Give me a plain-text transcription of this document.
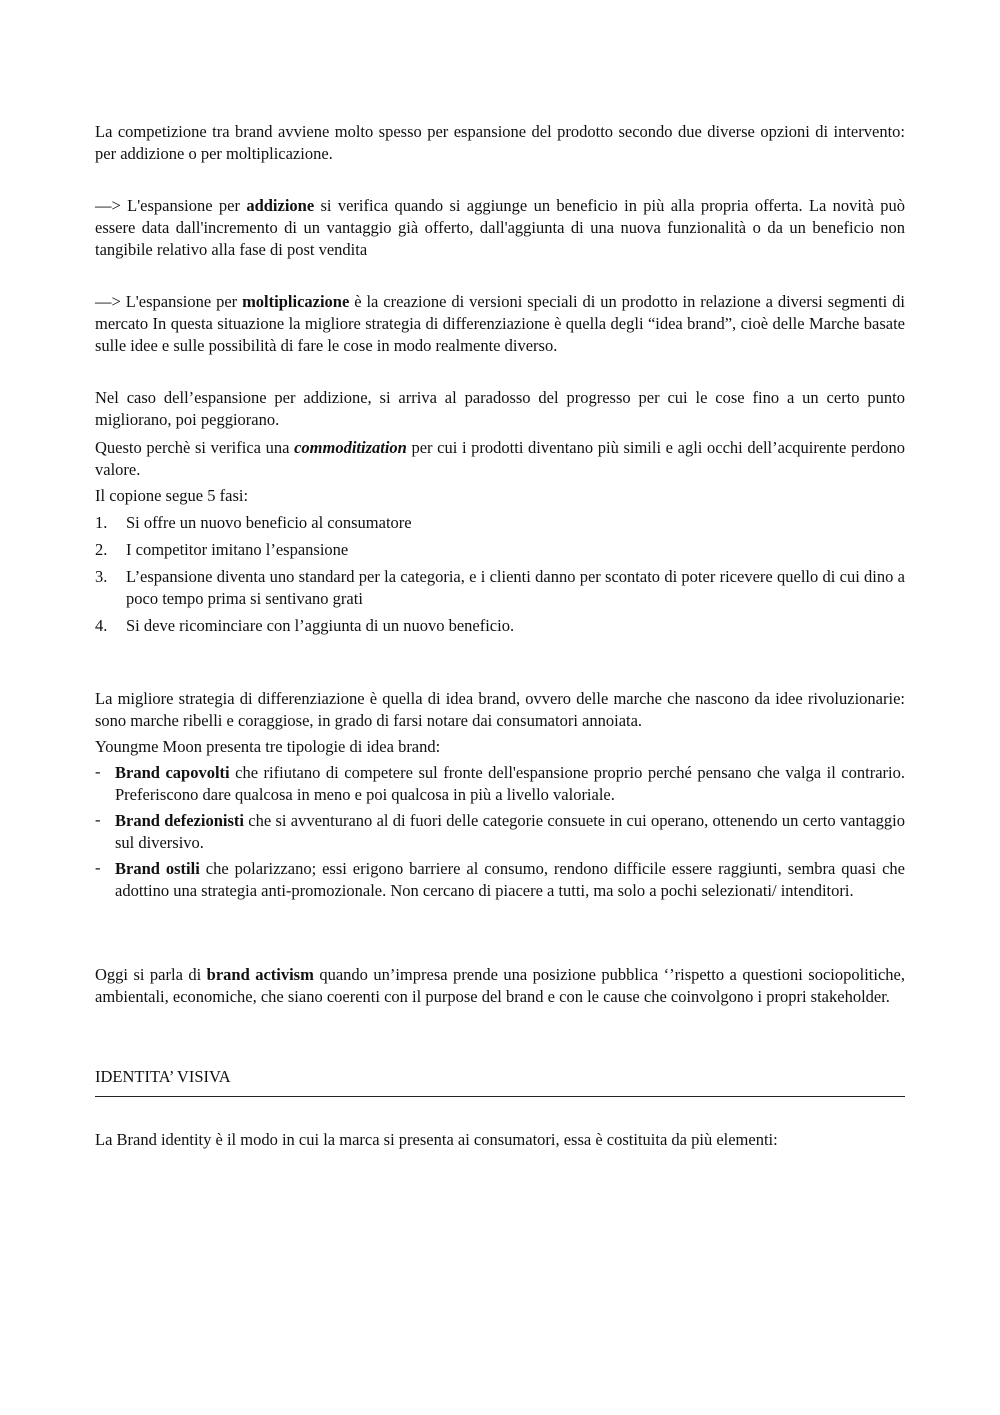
La competizione tra brand avviene molto spesso per espansione del prodotto secondo due diverse opzioni di intervento: per addizione o per moltiplicazione.

—> L'espansione per addizione si verifica quando si aggiunge un beneficio in più alla propria offerta. La novità può essere data dall'incremento di un vantaggio già offerto, dall'aggiunta di una nuova funzionalità o da un beneficio non tangibile relativo alla fase di post vendita

—> L'espansione per moltiplicazione è la creazione di versioni speciali di un prodotto in relazione a diversi segmenti di mercato In questa situazione la migliore strategia di differenziazione è quella degli “idea brand”, cioè delle Marche basate sulle idee e sulle possibilità di fare le cose in modo realmente diverso.

Nel caso dell’espansione per addizione, si arriva al paradosso del progresso per cui le cose fino a un certo punto migliorano, poi peggiorano.

Questo perchè si verifica una commoditization per cui i prodotti diventano più simili e agli occhi dell’acquirente perdono valore.

Il copione segue 5 fasi:

1. Si offre un nuovo beneficio al consumatore
2. I competitor imitano l’espansione
3. L’espansione diventa uno standard per la categoria, e i clienti danno per scontato di poter ricevere quello di cui dino a poco tempo prima si sentivano grati
4. Si deve ricominciare con l’aggiunta di un nuovo beneficio.

La migliore strategia di differenziazione è quella di idea brand, ovvero delle marche che nascono da idee rivoluzionarie: sono marche ribelli e coraggiose, in grado di farsi notare dai consumatori annoiata.

Youngme Moon presenta tre tipologie di idea brand:

- Brand capovolti che rifiutano di competere sul fronte dell'espansione proprio perché pensano che valga il contrario. Preferiscono dare qualcosa in meno e poi qualcosa in più a livello valoriale.
- Brand defezionisti che si avventurano al di fuori delle categorie consuete in cui operano, ottenendo un certo vantaggio sul diversivo.
- Brand ostili che polarizzano; essi erigono barriere al consumo, rendono difficile essere raggiunti, sembra quasi che adottino una strategia anti-promozionale. Non cercano di piacere a tutti, ma solo a pochi selezionati/ intenditori.

Oggi si parla di brand activism quando un’impresa prende una posizione pubblica ‘’rispetto a questioni sociopolitiche, ambientali, economiche, che siano coerenti con il purpose del brand e con le cause che coinvolgono i propri stakeholder.

IDENTITA’ VISIVA

La Brand identity è il modo in cui la marca si presenta ai consumatori, essa è costituita da più elementi:
